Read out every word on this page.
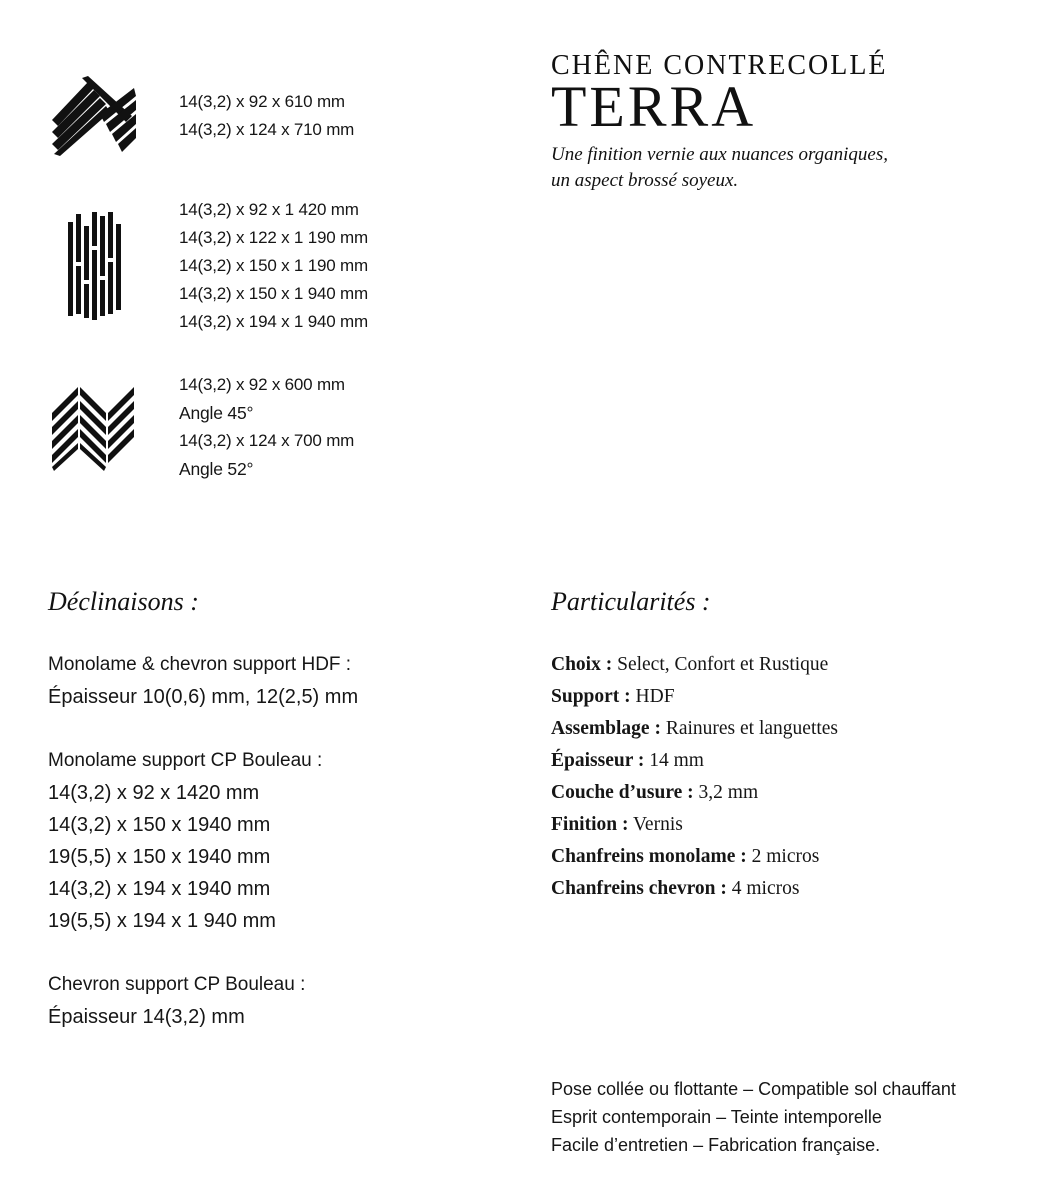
14(3,2) x 92 x 610 mm
14(3,2) x 124 x 710 mm
14(3,2) x 92 x 1 420 mm
14(3,2) x 122 x 1 190 mm
14(3,2) x 150 x 1 190 mm
14(3,2) x 150 x 1 940 mm
14(3,2) x 194 x 1 940 mm
14(3,2) x 92 x 600 mm
Angle 45°
14(3,2) x 124 x 700 mm
Angle 52°
CHÊNE CONTRECOLLÉ
TERRA
Une finition vernie aux nuances organiques,
un aspect brossé soyeux.
Déclinaisons :
Monolame & chevron support HDF :
Épaisseur 10(0,6) mm, 12(2,5) mm
Monolame support CP Bouleau :
14(3,2) x 92 x 1420 mm
14(3,2) x 150 x 1940 mm
19(5,5) x 150 x 1940 mm
14(3,2) x 194 x 1940 mm
19(5,5) x 194 x 1 940 mm
Chevron support CP Bouleau :
Épaisseur 14(3,2) mm
Particularités :
Choix : Select, Confort et Rustique
Support : HDF
Assemblage : Rainures et languettes
Épaisseur : 14 mm
Couche d’usure : 3,2 mm
Finition : Vernis
Chanfreins monolame : 2 micros
Chanfreins chevron : 4 micros
Pose collée ou flottante – Compatible sol chauffant
Esprit contemporain – Teinte intemporelle
Facile d’entretien – Fabrication française.
